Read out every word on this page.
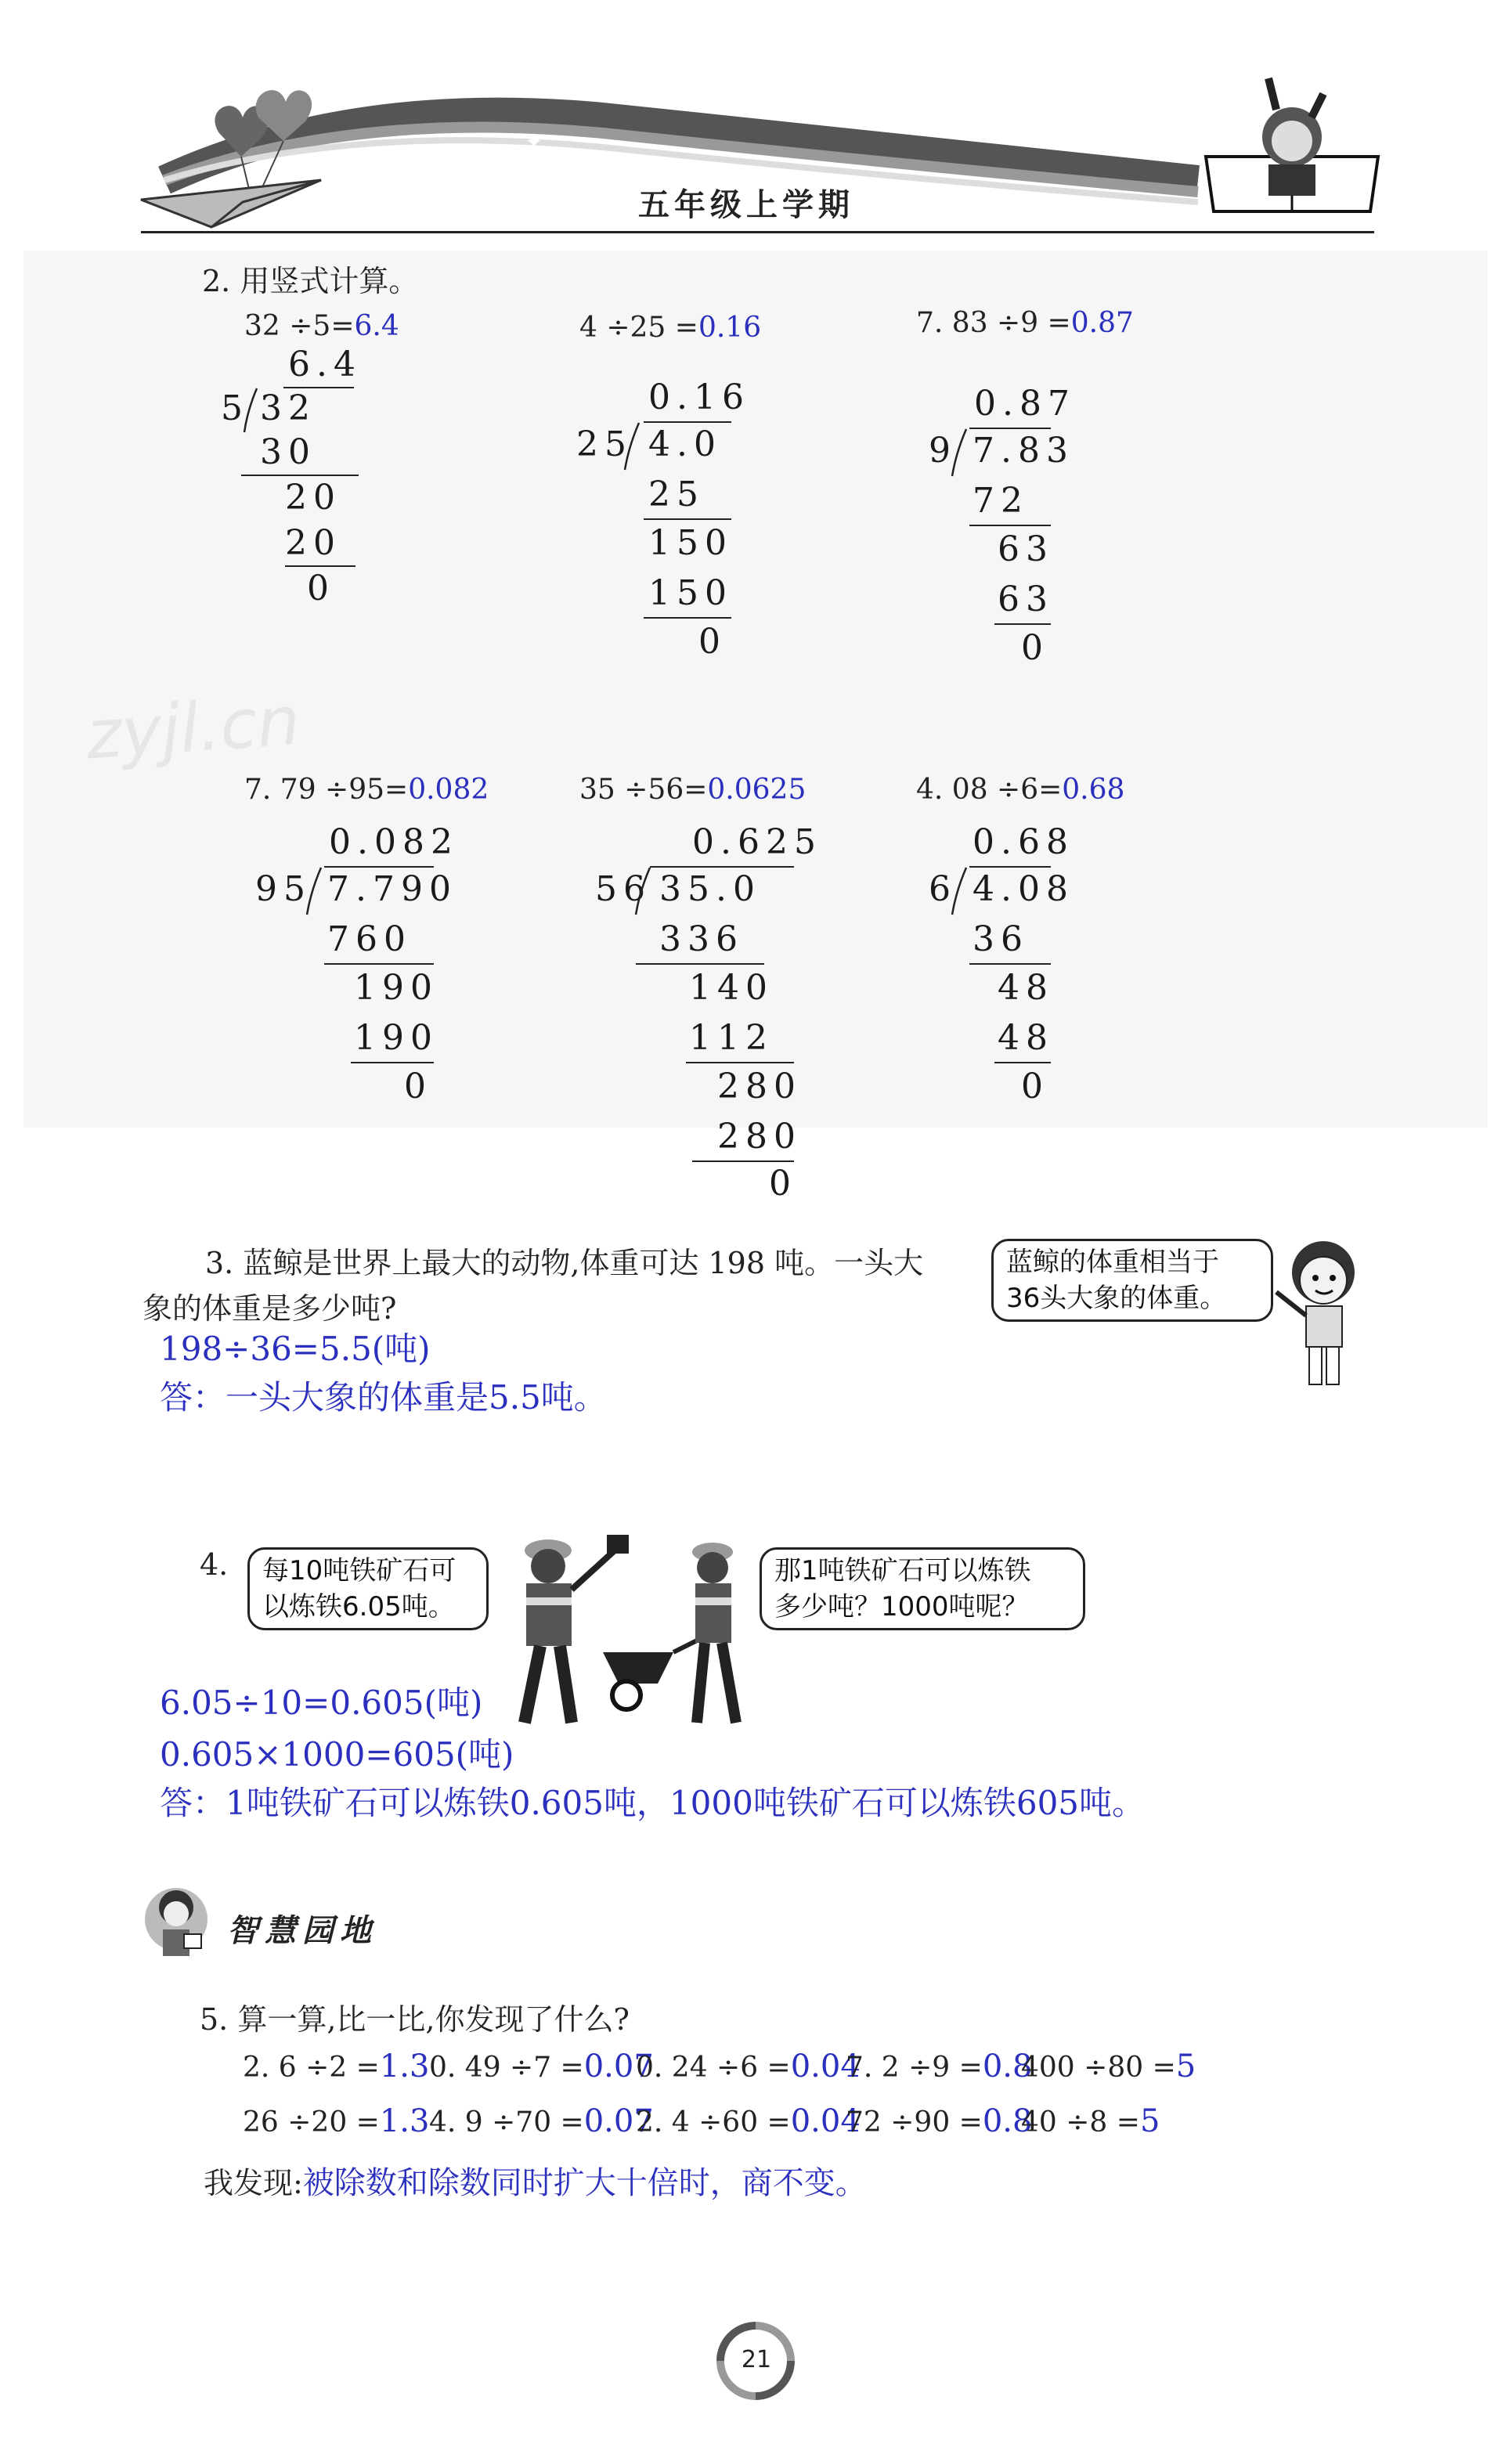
✦
✦
五年级上学期
2. 用竖式计算。
32 ÷5=6.4
6.4
5 32
30
20
20
0
4 ÷25 =0.16
0.16
25 4.0
25
150
150
0
7. 83 ÷9 =0.87
0.87
9 7.83
72
63
63
0
zyjl.cn
7. 79 ÷95=0.082
0.082
95 7.790
760
190
190
0
35 ÷56=0.0625
0.625
56 35.0
336
140
112
280
280
0
4. 08 ÷6=0.68
0.68
6 4.08
36
48
48
0
3. 蓝鲸是世界上最大的动物,体重可达 198 吨。一头大
象的体重是多少吨?
蓝鲸的体重相当于
36头大象的体重。
198÷36=5.5(吨)
答：一头大象的体重是5.5吨。
4. 每10吨铁矿石可
以炼铁6.05吨。
那1吨铁矿石可以炼铁
多少吨？1000吨呢？
6.05÷10=0.605(吨)
0.605×1000=605(吨)
答：1吨铁矿石可以炼铁0.605吨，1000吨铁矿石可以炼铁605吨。
智慧园地
5. 算一算,比一比,你发现了什么?
2. 6 ÷2 =1.3 0. 49 ÷7 =0.07
0. 24 ÷6 =0.04
7. 2 ÷9 =0.8
400 ÷80 =5
26 ÷20 =1.3 4. 9 ÷70 =0.07
2. 4 ÷60 =0.04
72 ÷90 =0.8
40 ÷8 =5
我发现:被除数和除数同时扩大十倍时，商不变。
21
